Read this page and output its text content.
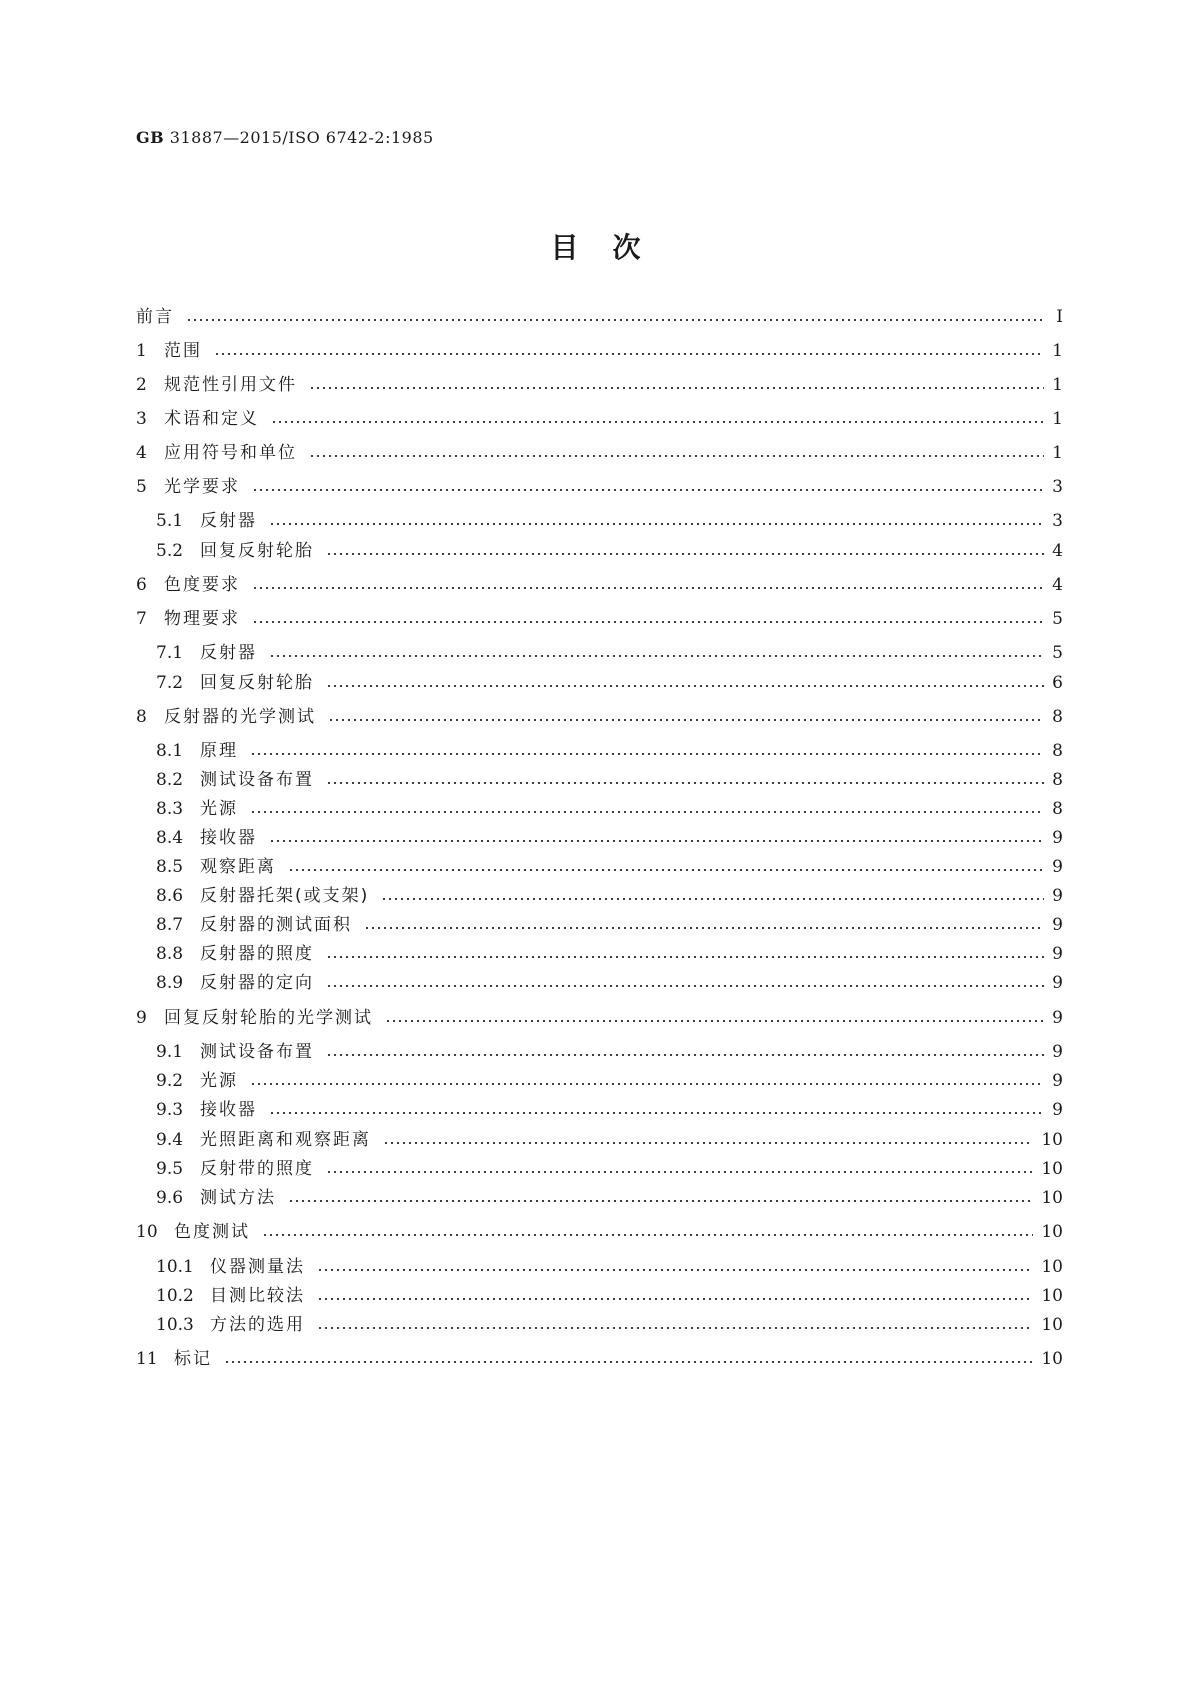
GB 31887—2015/ISO 6742-2:1985
目次
前言	Ⅰ
1	范围	1
2	规范性引用文件	1
3	术语和定义	1
4	应用符号和单位	1
5	光学要求	3
5.1 反射器	3
5.2 回复反射轮胎	4
6	色度要求	4
7	物理要求	5
7.1 反射器	5
7.2 回复反射轮胎	6
8	反射器的光学测试	8
8.1 原理	8
8.2 测试设备布置	8
8.3 光源	8
8.4 接收器	9
8.5 观察距离	9
8.6 反射器托架(或支架)	9
8.7 反射器的测试面积	9
8.8 反射器的照度	9
8.9 反射器的定向	9
9	回复反射轮胎的光学测试	9
9.1 测试设备布置	9
9.2 光源	9
9.3 接收器	9
9.4 光照距离和观察距离	10
9.5 反射带的照度	10
9.6 测试方法	10
10 色度测试	10
10.1 仪器测量法	10
10.2 目测比较法	10
10.3 方法的选用	10
11 标记	10
